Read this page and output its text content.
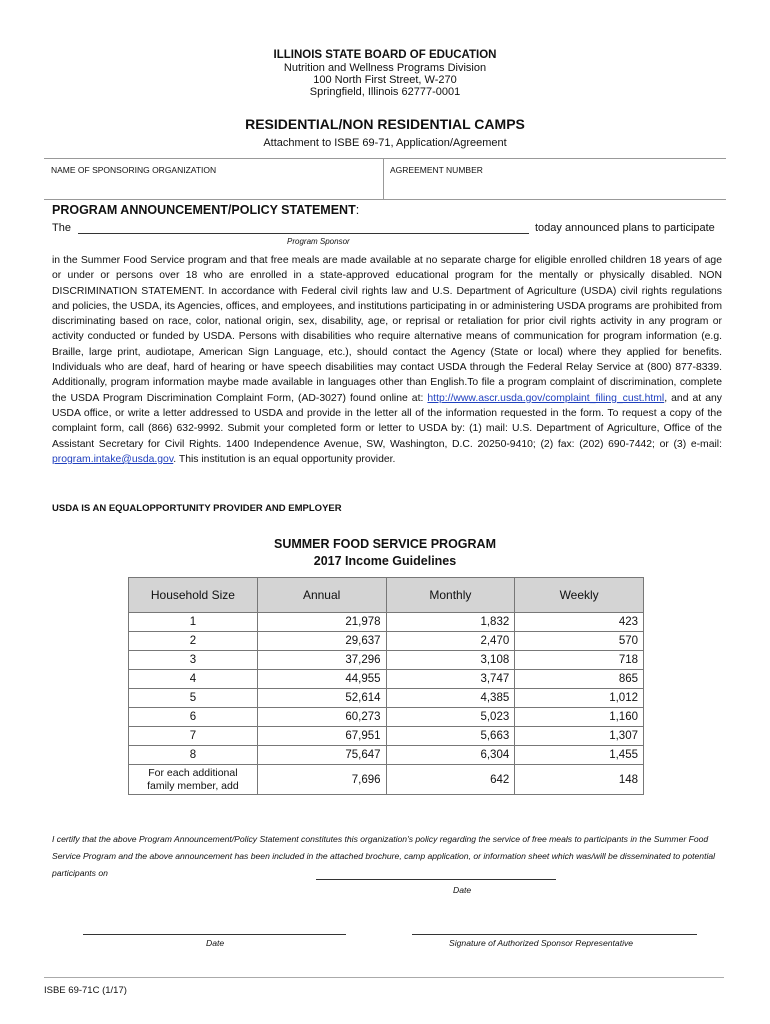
ILLINOIS STATE BOARD OF EDUCATION
Nutrition and Wellness Programs Division
100 North First Street, W-270
Springfield, Illinois 62777-0001
RESIDENTIAL/NON RESIDENTIAL CAMPS
Attachment to ISBE 69-71, Application/Agreement
NAME OF SPONSORING ORGANIZATION	AGREEMENT NUMBER
PROGRAM ANNOUNCEMENT/POLICY STATEMENT:
The	today announced plans to participate
Program Sponsor
in the Summer Food Service program and that free meals are made available at no separate charge for eligible enrolled children 18 years of age or under or persons over 18 who are enrolled in a state-approved educational program for the mentally or physically disabled. NON DISCRIMINATION STATEMENT. In accordance with Federal civil rights law and U.S. Department of Agriculture (USDA) civil rights regulations and policies, the USDA, its Agencies, offices, and employees, and institutions participating in or administering USDA programs are prohibited from discriminating based on race, color, national origin, sex, disability, age, or reprisal or retaliation for prior civil rights activity in any program or activity conducted or funded by USDA. Persons with disabilities who require alternative means of communication for program information (e.g. Braille, large print, audiotape, American Sign Language, etc.), should contact the Agency (State or local) where they applied for benefits. Individuals who are deaf, hard of hearing or have speech disabilities may contact USDA through the Federal Relay Service at (800) 877-8339. Additionally, program information maybe made available in languages other than English.To file a program complaint of discrimination, complete the USDA Program Discrimination Complaint Form, (AD-3027) found online at: http://www.ascr.usda.gov/complaint_filing_cust.html, and at any USDA office, or write a letter addressed to USDA and provide in the letter all of the information requested in the form. To request a copy of the complaint form, call (866) 632-9992. Submit your completed form or letter to USDA by: (1) mail: U.S. Department of Agriculture, Office of the Assistant Secretary for Civil Rights. 1400 Independence Avenue, SW, Washington, D.C. 20250-9410; (2) fax: (202) 690-7442; or (3) e-mail: program.intake@usda.gov. This institution is an equal opportunity provider.
USDA IS AN EQUALOPPORTUNITY PROVIDER AND EMPLOYER
SUMMER FOOD SERVICE PROGRAM
2017 Income Guidelines
Household Size	Annual	Monthly	Weekly
1	21,978	1,832	423
2	29,637	2,470	570
3	37,296	3,108	718
4	44,955	3,747	865
5	52,614	4,385	1,012
6	60,273	5,023	1,160
7	67,951	5,663	1,307
8	75,647	6,304	1,455
For each additional
family member, add	7,696	642	148
I certify that the above Program Announcement/Policy Statement constitutes this organization's policy regarding the service of free meals to participants in the Summer Food Service Program and the above announcement has been included in the attached brochure, camp application, or information sheet which was/will be disseminated to potential participants on
Date
Date	Signature of Authorized Sponsor Representative
ISBE 69-71C (1/17)
